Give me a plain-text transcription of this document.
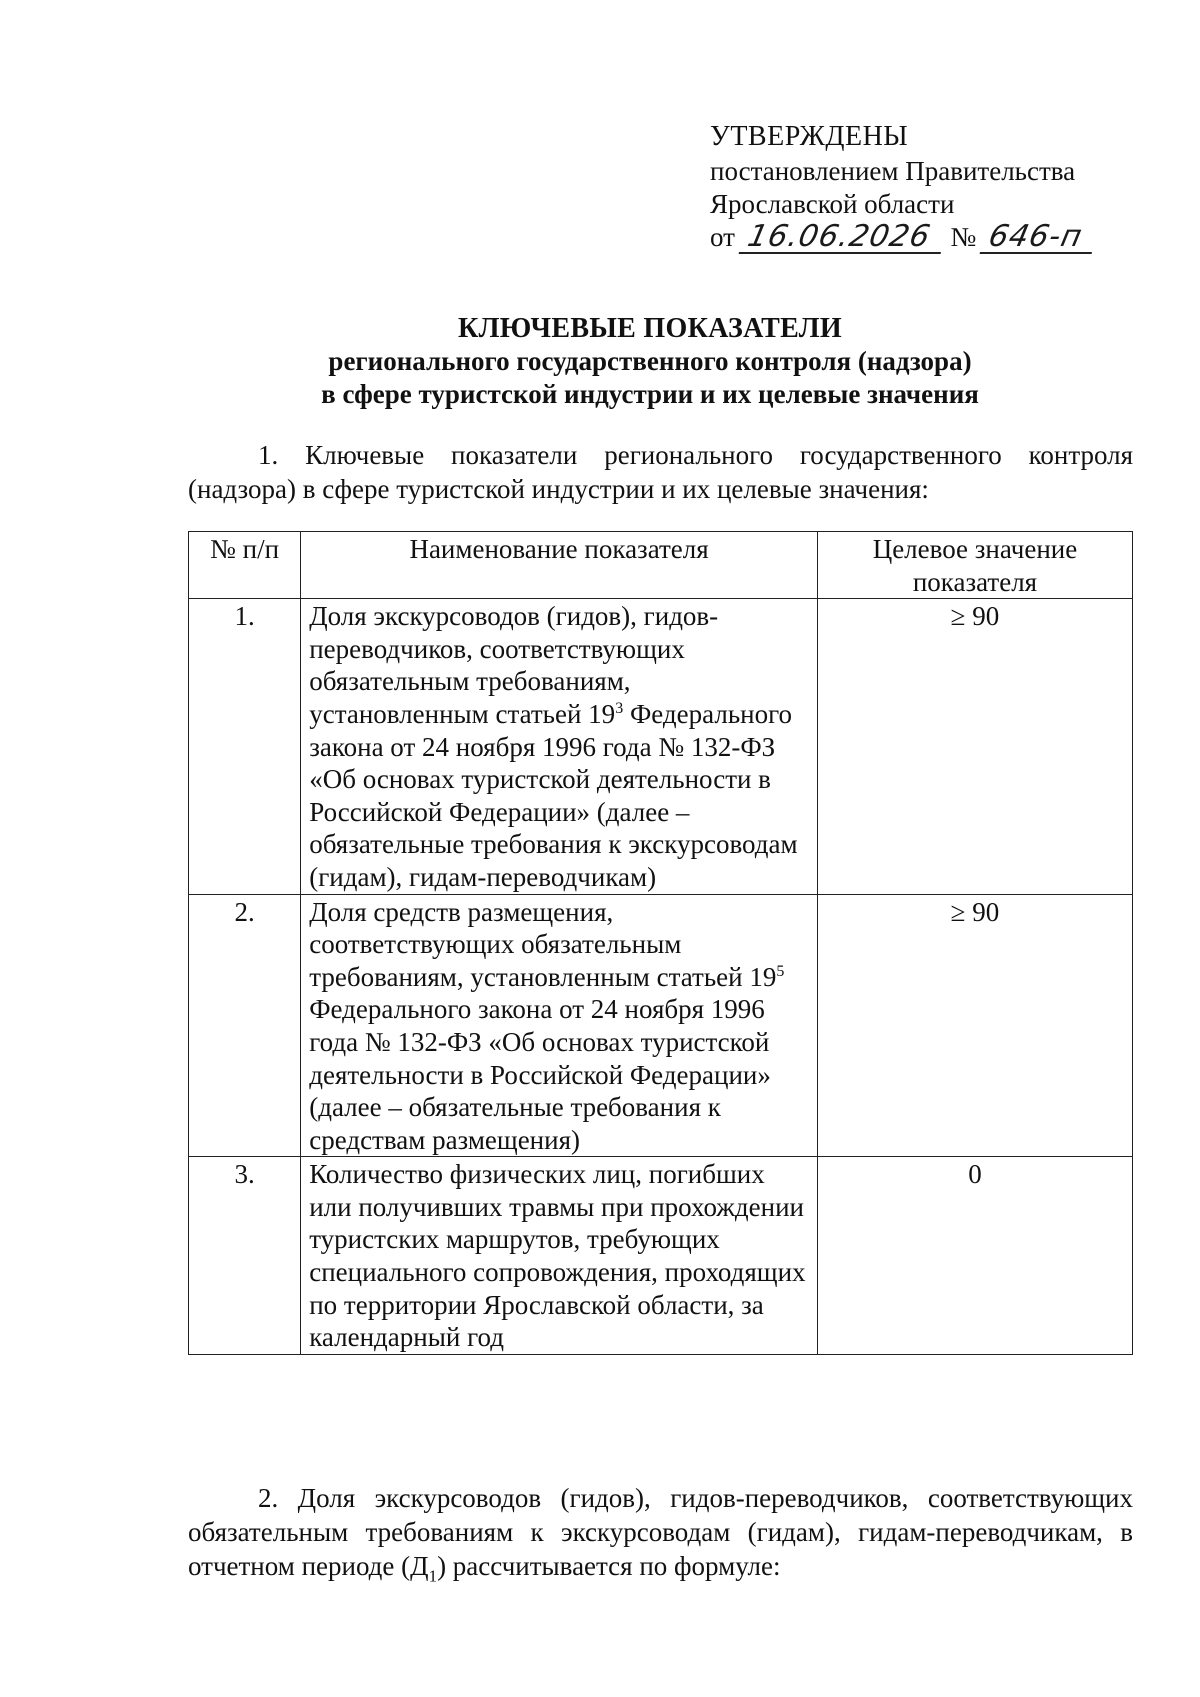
УТВЕРЖДЕНЫ
постановлением Правительства
Ярославской области
от 16.06.2026 № 646-п
КЛЮЧЕВЫЕ ПОКАЗАТЕЛИ
регионального государственного контроля (надзора)
в сфере туристской индустрии и их целевые значения
1. Ключевые показатели регионального государственного контроля (надзора) в сфере туристской индустрии и их целевые значения:
№ п/п	Наименование показателя	Целевое значение показателя
1.	Доля экскурсоводов (гидов), гидов-переводчиков, соответствующих обязательным требованиям, установленным статьей $19^3$ Федерального закона от 24 ноября 1996 года № 132-ФЗ «Об основах туристской деятельности в Российской Федерации» (далее – обязательные требования к экскурсоводам (гидам), гидам-переводчикам)	≥ 90
2.	Доля средств размещения, соответствующих обязательным требованиям, установленным статьей $19^5$ Федерального закона от 24 ноября 1996 года № 132-ФЗ «Об основах туристской деятельности в Российской Федерации» (далее – обязательные требования к средствам размещения)	≥ 90
3.	Количество физических лиц, погибших или получивших травмы при прохождении туристских маршрутов, требующих специального сопровождения, проходящих по территории Ярославской области, за календарный год	0
2. Доля экскурсоводов (гидов), гидов-переводчиков, соответствующих обязательным требованиям к экскурсоводам (гидам), гидам-переводчикам, в отчетном периоде $(Д_1)$ рассчитывается по формуле:
